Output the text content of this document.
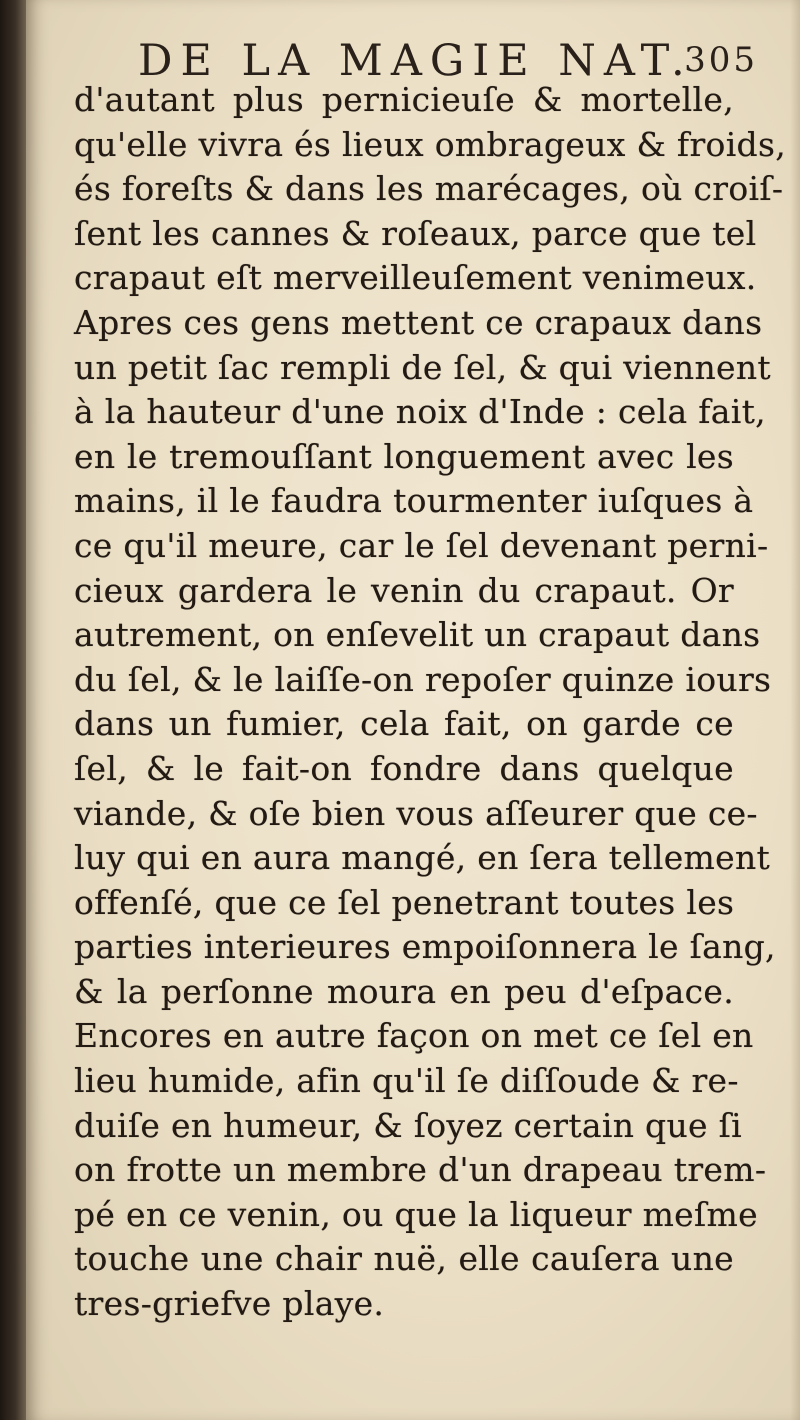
DE LA MAGIE NAT.
305
d'autant plus pernicieuſe & mortelle,
qu'elle vivra és lieux ombrageux & froids,
és foreſts & dans les marécages, où croiſ-
ſent les cannes & roſeaux, parce que tel
crapaut eſt merveilleuſement venimeux.
Apres ces gens mettent ce crapaux dans
un petit ſac rempli de ſel, & qui viennent
à la hauteur d'une noix d'Inde : cela fait,
en le tremouſſant longuement avec les
mains, il le faudra tourmenter iuſques à
ce qu'il meure, car le ſel devenant perni-
cieux gardera le venin du crapaut. Or
autrement, on enſevelit un crapaut dans
du ſel, & le laiſſe-on repoſer quinze iours
dans un fumier, cela fait, on garde ce
ſel, & le fait-on fondre dans quelque
viande, & oſe bien vous aſſeurer que ce-
luy qui en aura mangé, en ſera tellement
offenſé, que ce ſel penetrant toutes les
parties interieures empoiſonnera le ſang,
& la perſonne moura en peu d'eſpace.
Encores en autre façon on met ce ſel en
lieu humide, afin qu'il ſe diſſoude & re-
duiſe en humeur, & ſoyez certain que ſi
on frotte un membre d'un drapeau trem-
pé en ce venin, ou que la liqueur meſme
touche une chair nuë, elle cauſera une
tres-griefve playe.
